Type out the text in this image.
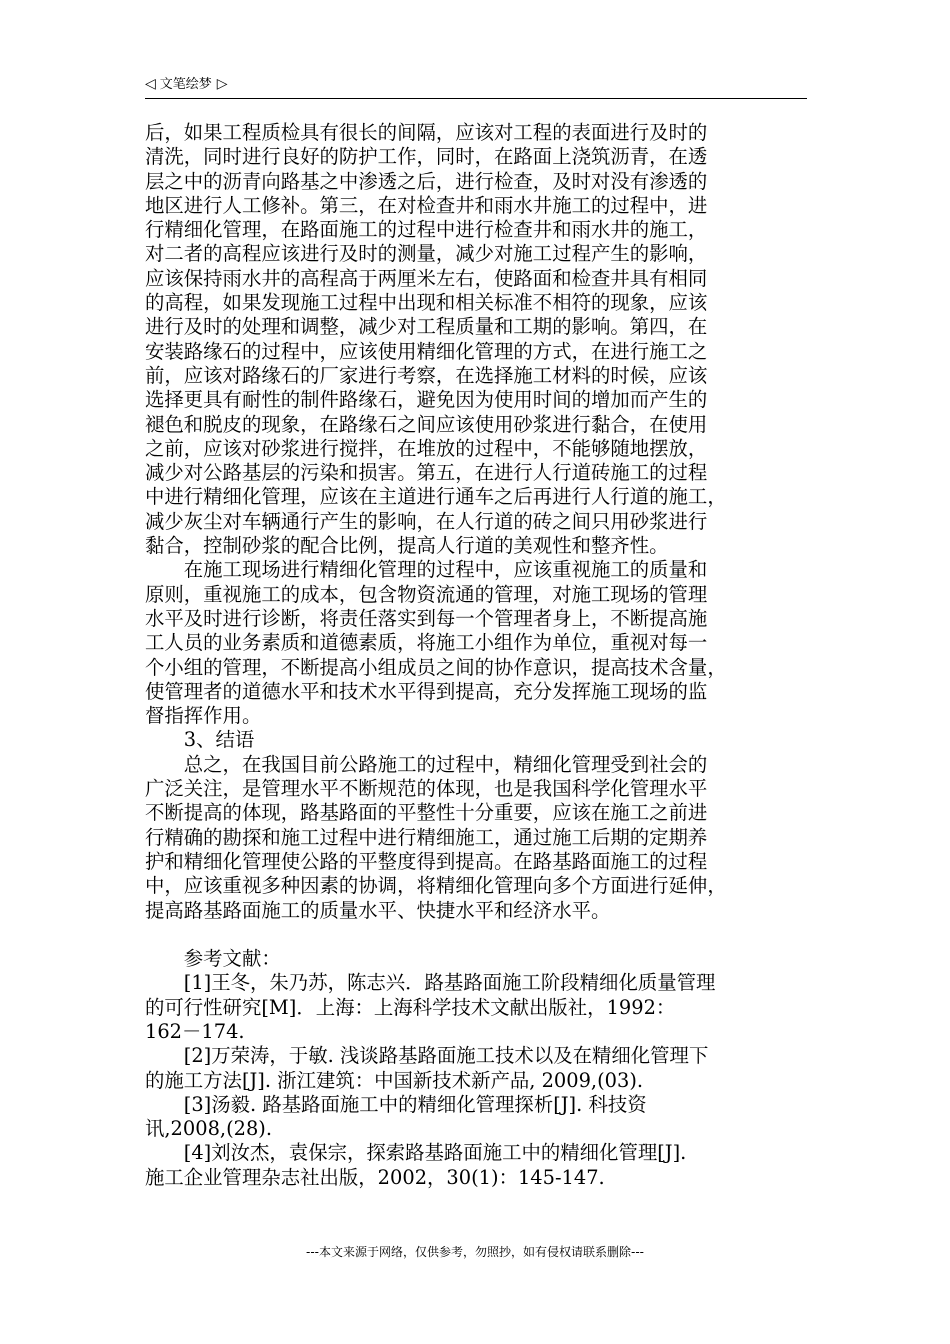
◁ 文笔绘梦 ▷
后，如果工程质检具有很长的间隔，应该对工程的表面进行及时的
清洗，同时进行良好的防护工作，同时，在路面上浇筑沥青，在透
层之中的沥青向路基之中渗透之后，进行检查，及时对没有渗透的
地区进行人工修补。第三，在对检查井和雨水井施工的过程中，进
行精细化管理，在路面施工的过程中进行检查井和雨水井的施工，
对二者的高程应该进行及时的测量，减少对施工过程产生的影响，
应该保持雨水井的高程高于两厘米左右，使路面和检查井具有相同
的高程，如果发现施工过程中出现和相关标准不相符的现象，应该
进行及时的处理和调整，减少对工程质量和工期的影响。第四，在
安装路缘石的过程中，应该使用精细化管理的方式，在进行施工之
前，应该对路缘石的厂家进行考察，在选择施工材料的时候，应该
选择更具有耐性的制件路缘石，避免因为使用时间的增加而产生的
褪色和脱皮的现象，在路缘石之间应该使用砂浆进行黏合，在使用
之前，应该对砂浆进行搅拌，在堆放的过程中，不能够随地摆放，
减少对公路基层的污染和损害。第五，在进行人行道砖施工的过程
中进行精细化管理，应该在主道进行通车之后再进行人行道的施工，
减少灰尘对车辆通行产生的影响，在人行道的砖之间只用砂浆进行
黏合，控制砂浆的配合比例，提高人行道的美观性和整齐性。
　　在施工现场进行精细化管理的过程中，应该重视施工的质量和
原则，重视施工的成本，包含物资流通的管理，对施工现场的管理
水平及时进行诊断，将责任落实到每一个管理者身上，不断提高施
工人员的业务素质和道德素质，将施工小组作为单位，重视对每一
个小组的管理，不断提高小组成员之间的协作意识，提高技术含量，
使管理者的道德水平和技术水平得到提高，充分发挥施工现场的监
督指挥作用。
　　3、结语
　　总之，在我国目前公路施工的过程中，精细化管理受到社会的
广泛关注，是管理水平不断规范的体现，也是我国科学化管理水平
不断提高的体现，路基路面的平整性十分重要，应该在施工之前进
行精确的勘探和施工过程中进行精细施工，通过施工后期的定期养
护和精细化管理使公路的平整度得到提高。在路基路面施工的过程
中，应该重视多种因素的协调，将精细化管理向多个方面进行延伸，
提高路基路面施工的质量水平、快捷水平和经济水平。
　　参考文献：
　　[1]王冬，朱乃苏，陈志兴．路基路面施工阶段精细化质量管理
的可行性研究[M]．上海：上海科学技术文献出版社，1992：
162－174.
　　[2]万荣涛，于敏. 浅谈路基路面施工技术以及在精细化管理下
的施工方法[J]. 浙江建筑：中国新技术新产品, 2009,(03).
　　[3]汤毅. 路基路面施工中的精细化管理探析[J]. 科技资
讯,2008,(28).
　　[4]刘汝杰，袁保宗，探索路基路面施工中的精细化管理[J].
施工企业管理杂志社出版，2002，30(1)：145-147.
---本文来源于网络，仅供参考，勿照抄，如有侵权请联系删除---
